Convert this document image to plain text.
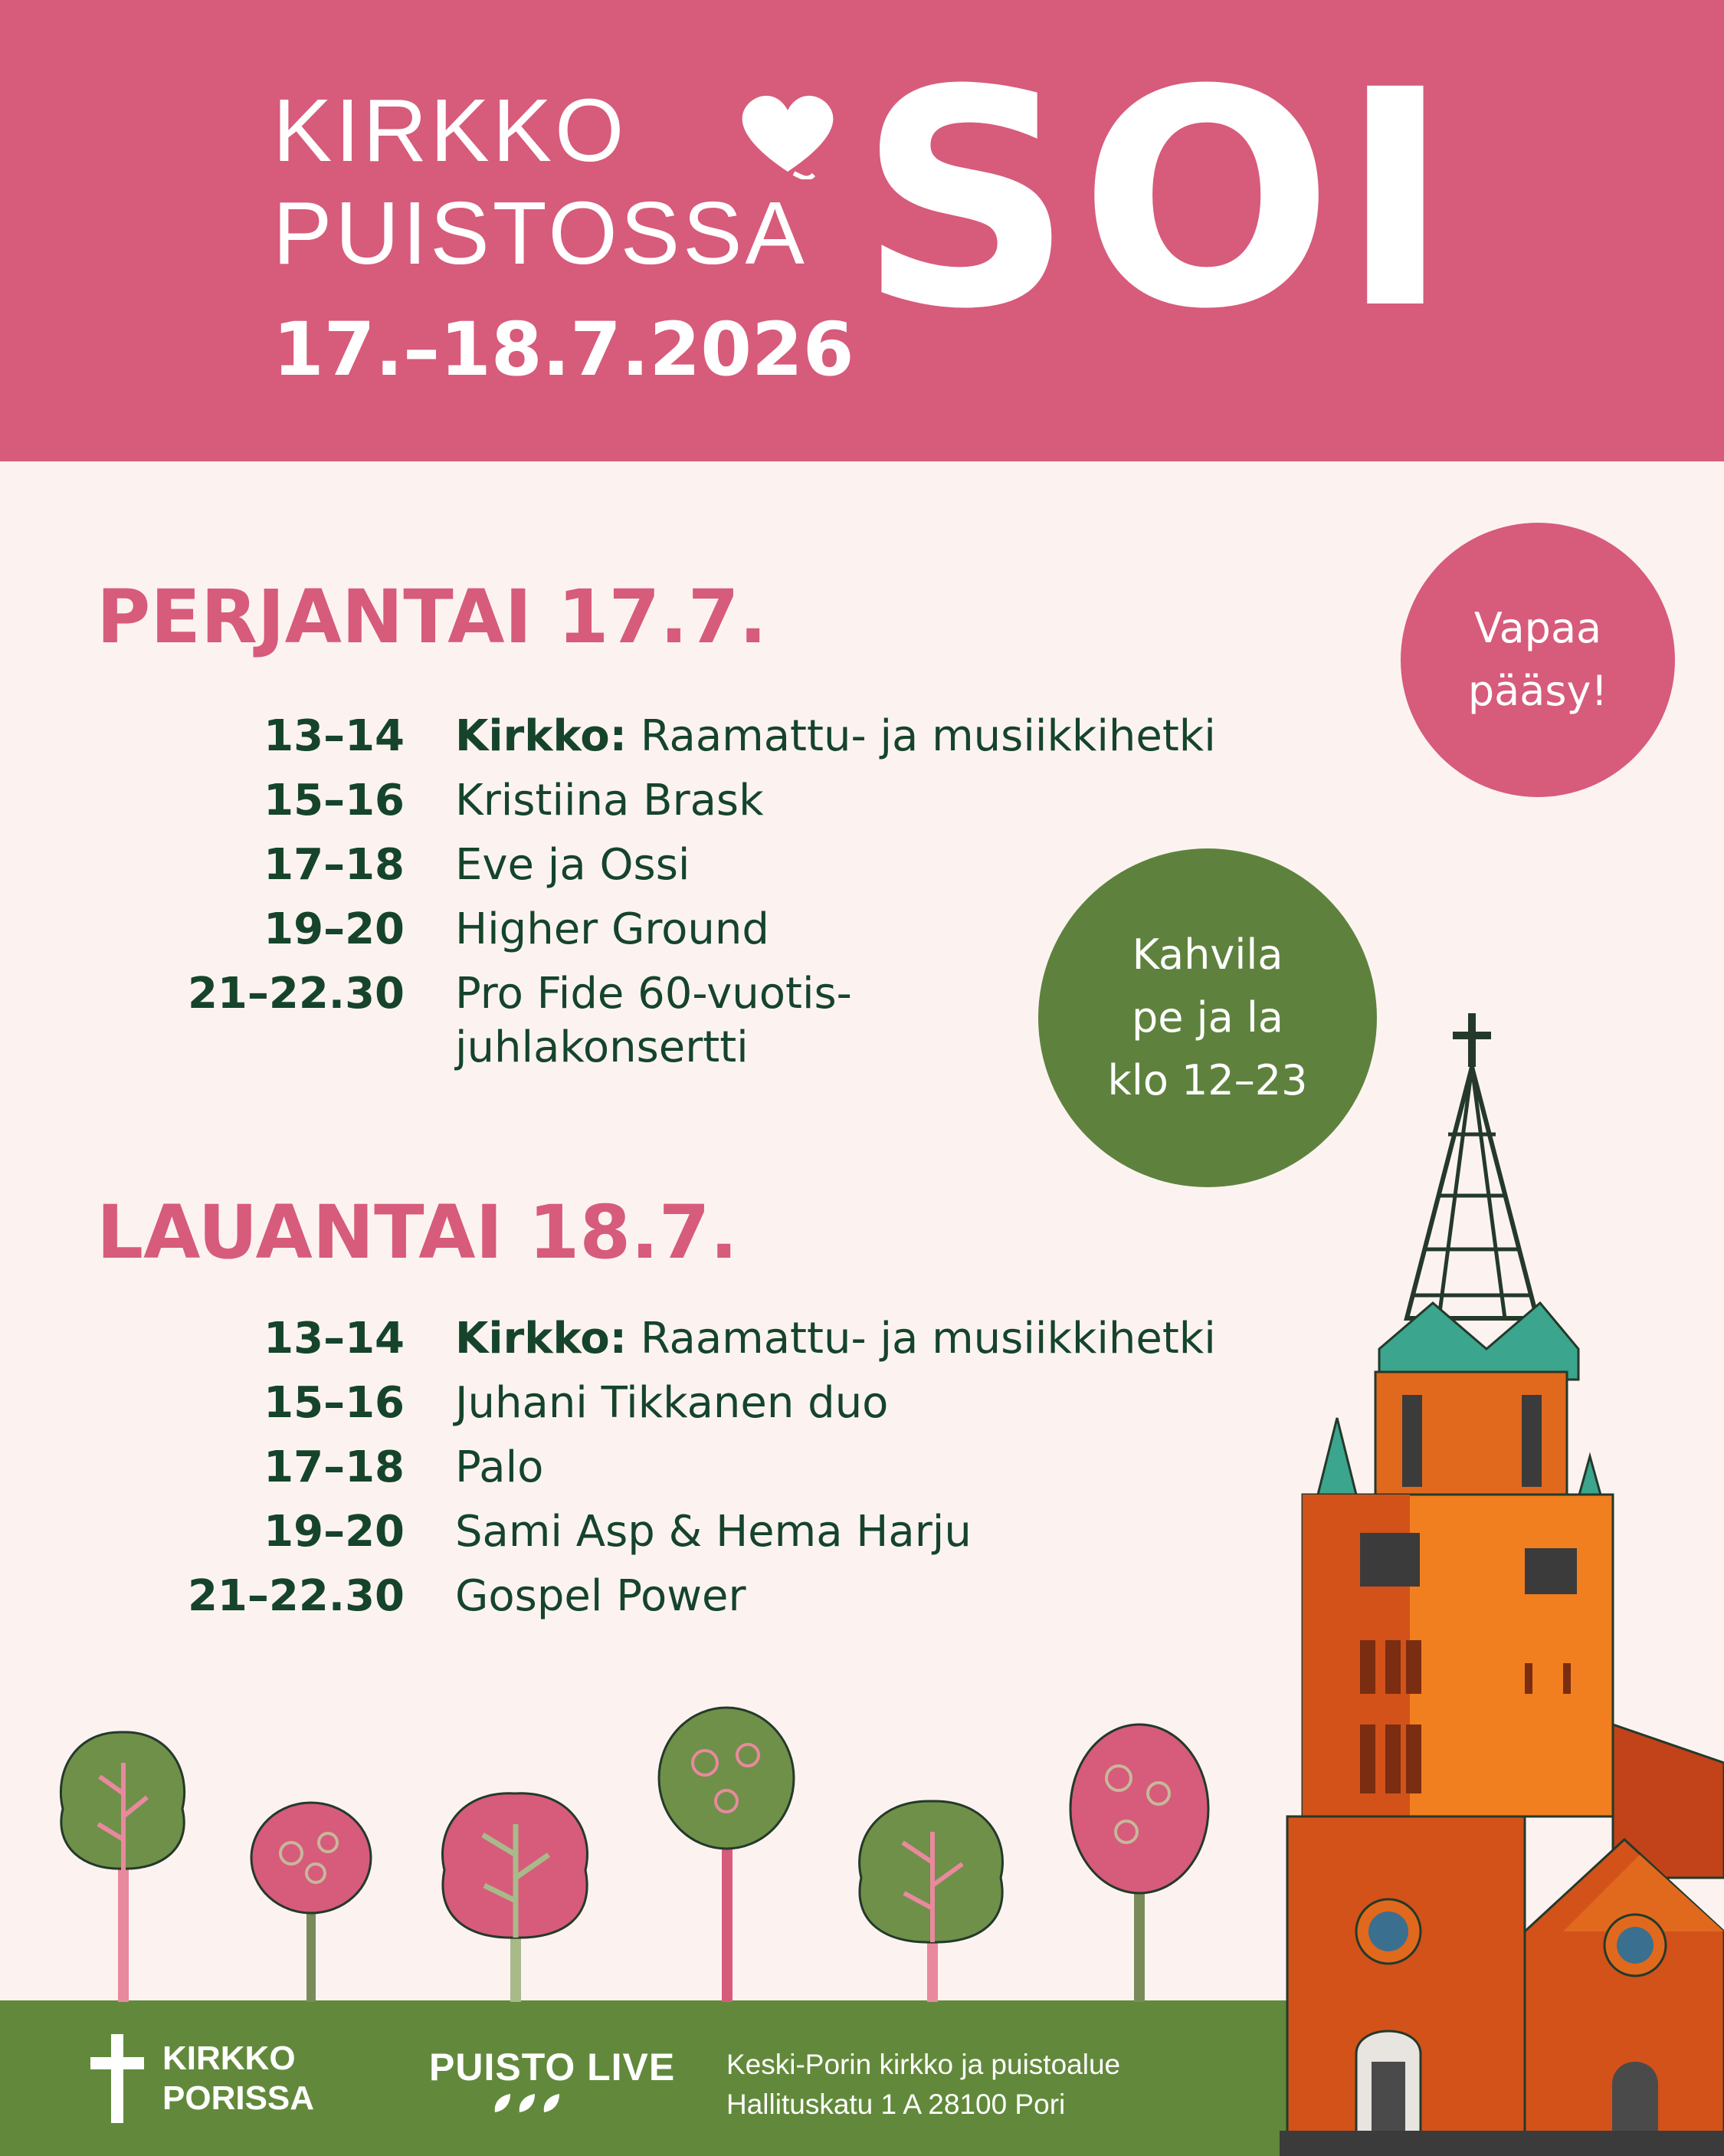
KIRKKO
PUISTOSSA
17.–18.7.2026 SOI
PERJANTAI 17.7.
13–14 Kirkko: Raamattu- ja musiikkihetki
15–16 Kristiina Brask
17–18 Eve ja Ossi
19–20 Higher Ground
21–22.30 Pro Fide 60-vuotis-
juhlakonsertti
LAUANTAI 18.7.
13–14 Kirkko: Raamattu- ja musiikkihetki
15–16 Juhani Tikkanen duo
17–18 Palo
19–20 Sami Asp & Hema Harju
21–22.30 Gospel Power
Vapaa
pääsy!
Kahvila
pe ja la
klo 12–23
KIRKKO
PORISSA
PUISTO LIVE Keski-Porin kirkko ja puistoalue
Hallituskatu 1 A 28100 Pori
